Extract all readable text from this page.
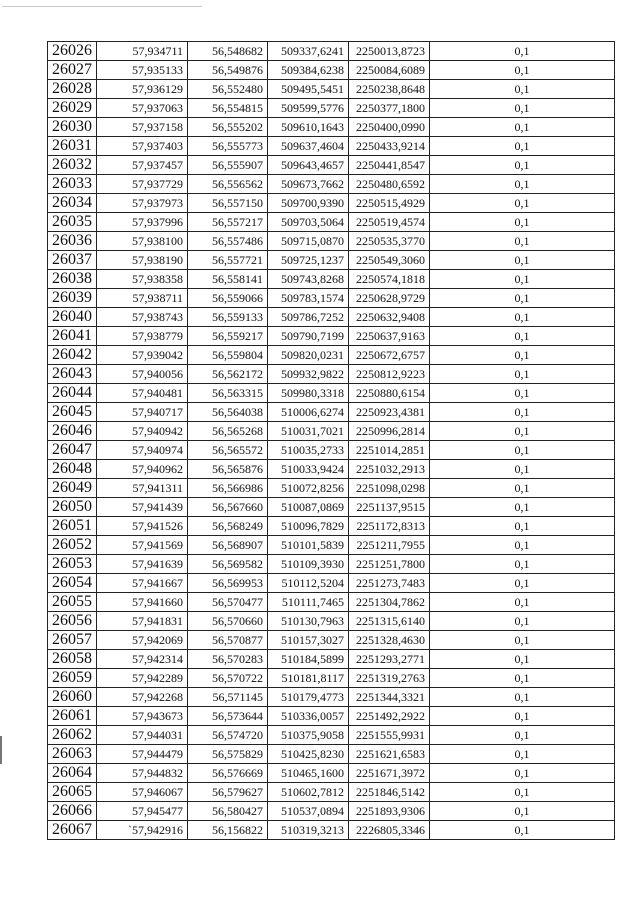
26026	57,934711	56,548682	509337,6241	2250013,8723	0,1
26027	57,935133	56,549876	509384,6238	2250084,6089	0,1
26028	57,936129	56,552480	509495,5451	2250238,8648	0,1
26029	57,937063	56,554815	509599,5776	2250377,1800	0,1
26030	57,937158	56,555202	509610,1643	2250400,0990	0,1
26031	57,937403	56,555773	509637,4604	2250433,9214	0,1
26032	57,937457	56,555907	509643,4657	2250441,8547	0,1
26033	57,937729	56,556562	509673,7662	2250480,6592	0,1
26034	57,937973	56,557150	509700,9390	2250515,4929	0,1
26035	57,937996	56,557217	509703,5064	2250519,4574	0,1
26036	57,938100	56,557486	509715,0870	2250535,3770	0,1
26037	57,938190	56,557721	509725,1237	2250549,3060	0,1
26038	57,938358	56,558141	509743,8268	2250574,1818	0,1
26039	57,938711	56,559066	509783,1574	2250628,9729	0,1
26040	57,938743	56,559133	509786,7252	2250632,9408	0,1
26041	57,938779	56,559217	509790,7199	2250637,9163	0,1
26042	57,939042	56,559804	509820,0231	2250672,6757	0,1
26043	57,940056	56,562172	509932,9822	2250812,9223	0,1
26044	57,940481	56,563315	509980,3318	2250880,6154	0,1
26045	57,940717	56,564038	510006,6274	2250923,4381	0,1
26046	57,940942	56,565268	510031,7021	2250996,2814	0,1
26047	57,940974	56,565572	510035,2733	2251014,2851	0,1
26048	57,940962	56,565876	510033,9424	2251032,2913	0,1
26049	57,941311	56,566986	510072,8256	2251098,0298	0,1
26050	57,941439	56,567660	510087,0869	2251137,9515	0,1
26051	57,941526	56,568249	510096,7829	2251172,8313	0,1
26052	57,941569	56,568907	510101,5839	2251211,7955	0,1
26053	57,941639	56,569582	510109,3930	2251251,7800	0,1
26054	57,941667	56,569953	510112,5204	2251273,7483	0,1
26055	57,941660	56,570477	510111,7465	2251304,7862	0,1
26056	57,941831	56,570660	510130,7963	2251315,6140	0,1
26057	57,942069	56,570877	510157,3027	2251328,4630	0,1
26058	57,942314	56,570283	510184,5899	2251293,2771	0,1
26059	57,942289	56,570722	510181,8117	2251319,2763	0,1
26060	57,942268	56,571145	510179,4773	2251344,3321	0,1
26061	57,943673	56,573644	510336,0057	2251492,2922	0,1
26062	57,944031	56,574720	510375,9058	2251555,9931	0,1
26063	57,944479	56,575829	510425,8230	2251621,6583	0,1
26064	57,944832	56,576669	510465,1600	2251671,3972	0,1
26065	57,946067	56,579627	510602,7812	2251846,5142	0,1
26066	57,945477	56,580427	510537,0894	2251893,9306	0,1
26067	`57,942916	56,156822	510319,3213	2226805,3346	0,1
